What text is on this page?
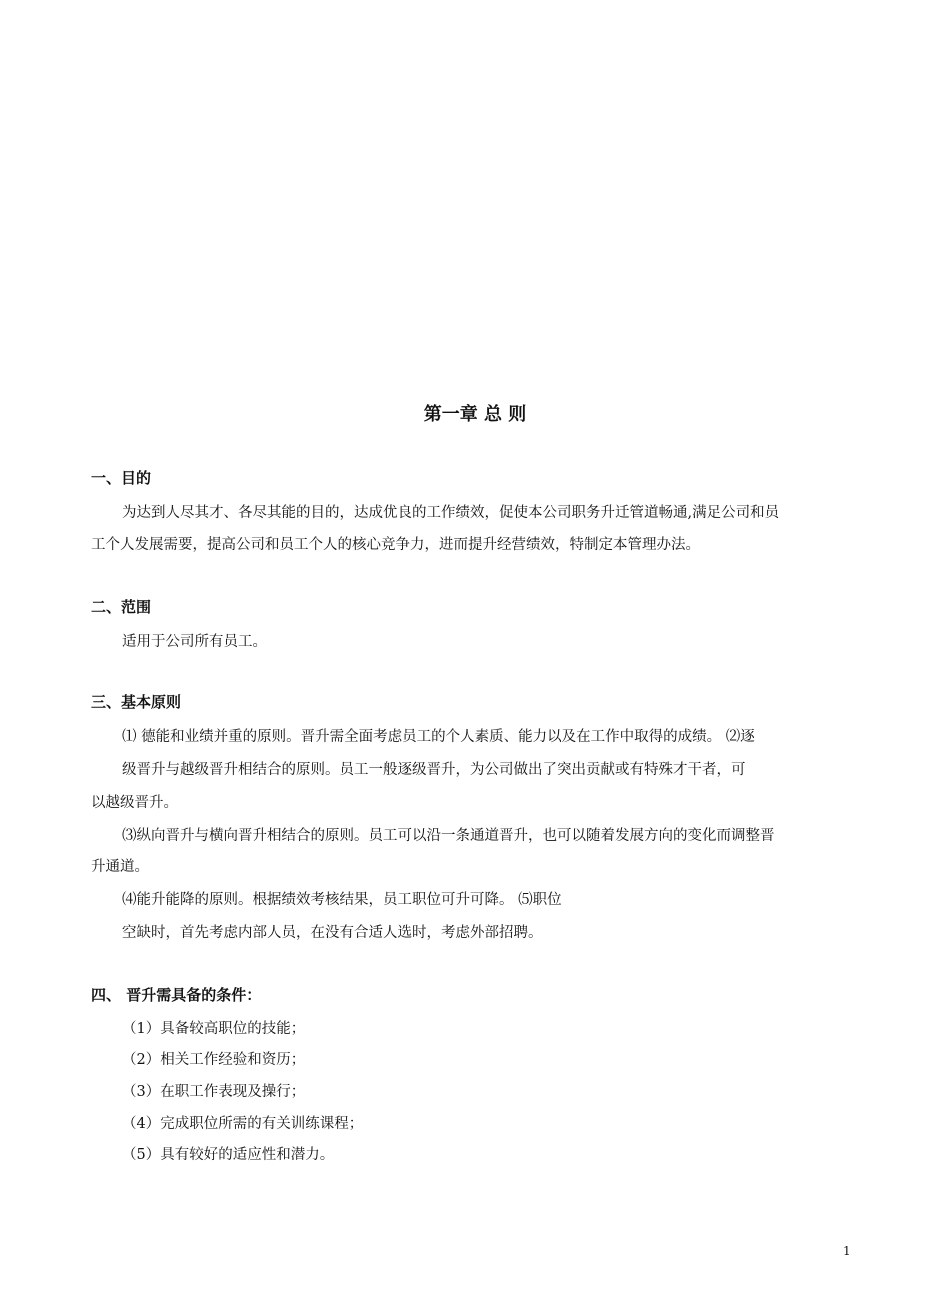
第一章 总 则
一、目的
为达到人尽其才、各尽其能的目的，达成优良的工作绩效，促使本公司职务升迁管道畅通,满足公司和员
工个人发展需要，提高公司和员工个人的核心竞争力，进而提升经营绩效，特制定本管理办法。
二、范围
适用于公司所有员工。
三、基本原则
⑴ 德能和业绩并重的原则。晋升需全面考虑员工的个人素质、能力以及在工作中取得的成绩。 ⑵逐
级晋升与越级晋升相结合的原则。员工一般逐级晋升，为公司做出了突出贡献或有特殊才干者，可
以越级晋升。
⑶纵向晋升与横向晋升相结合的原则。员工可以沿一条通道晋升，也可以随着发展方向的变化而调整晋
升通道。
⑷能升能降的原则。根据绩效考核结果，员工职位可升可降。 ⑸职位
空缺时，首先考虑内部人员，在没有合适人选时，考虑外部招聘。
四、 晋升需具备的条件：
（1）具备较高职位的技能；
（2）相关工作经验和资历；
（3）在职工作表现及操行；
（4）完成职位所需的有关训练课程；
（5）具有较好的适应性和潜力。
1
